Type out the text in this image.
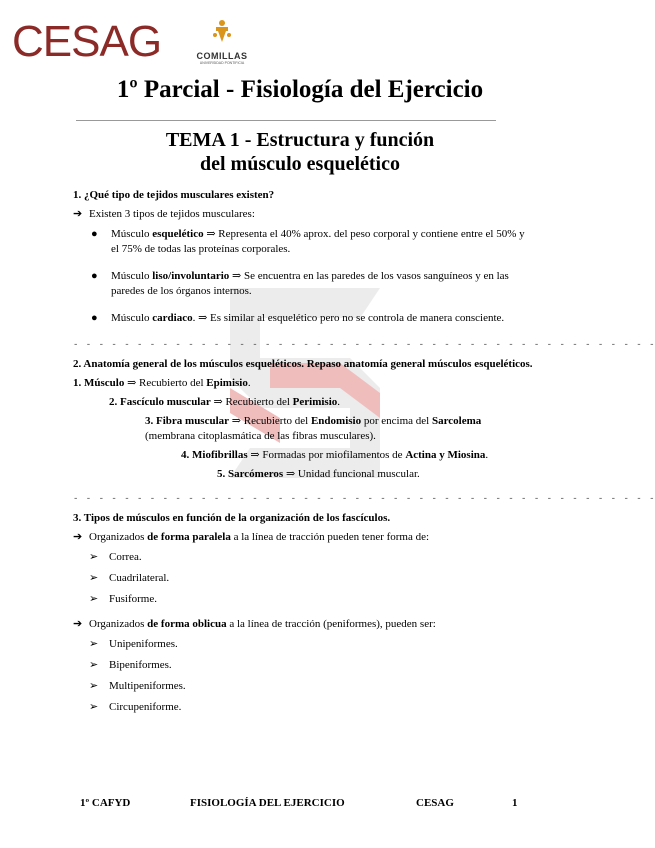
CESAG	COMILLAS
UNIVERSIDAD PONTIFICIA
1º Parcial - Fisiología del Ejercicio
TEMA 1 - Estructura y función
del músculo esquelético
1. ¿Qué tipo de tejidos musculares existen?
➔ Existen 3 tipos de tejidos musculares:
● Músculo esquelético ⇒ Representa el 40% aprox. del peso corporal y contiene entre el 50% y el 75% de todas las proteínas corporales.
● Músculo liso/involuntario ⇒ Se encuentra en las paredes de los vasos sanguíneos y en las paredes de los órganos internos.
● Músculo cardiaco. ⇒ Es similar al esquelético pero no se controla de manera consciente.
- - - - - - - - - - - - - - - - - - - - - - - - - - - - - - - - - - - - - - - - - - - - - -
2. Anatomía general de los músculos esqueléticos. Repaso anatomía general músculos esqueléticos.
1. Músculo ⇒ Recubierto del Epimisio.
2. Fascículo muscular ⇒ Recubierto del Perimisio.
3. Fibra muscular ⇒ Recubierto del Endomisio por encima del Sarcolema (membrana citoplasmática de las fibras musculares).
4. Miofibrillas ⇒ Formadas por miofilamentos de Actina y Miosina.
5. Sarcómeros ⇒ Unidad funcional muscular.
- - - - - - - - - - - - - - - - - - - - - - - - - - - - - - - - - - - - - - - - - - - - - -
3. Tipos de músculos en función de la organización de los fascículos.
➔ Organizados de forma paralela a la línea de tracción pueden tener forma de:
➢ Correa.
➢ Cuadrilateral.
➢ Fusiforme.
➔ Organizados de forma oblicua a la línea de tracción (peniformes), pueden ser:
➢ Unipeniformes.
➢ Bipeniformes.
➢ Multipeniformes.
➢ Circupeniforme.
1º CAFYD	FISIOLOGÍA DEL EJERCICIO	CESAG	1
